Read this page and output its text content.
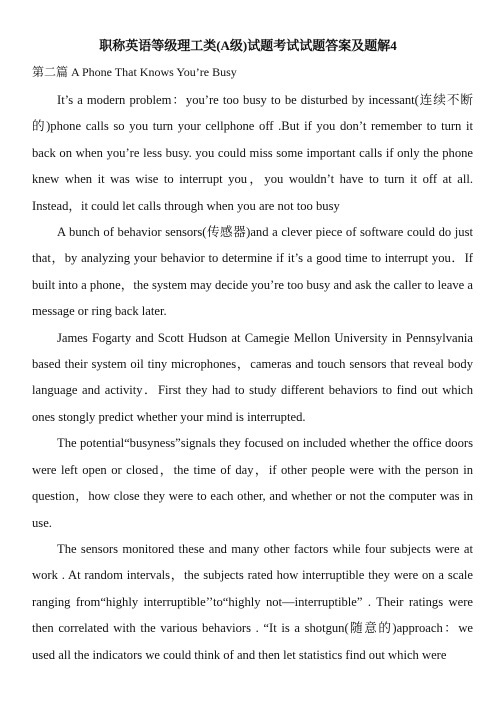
职称英语等级理工类(A级)试题考试试题答案及题解4
第二篇 A Phone That Knows You’re Busy

It’s a modern problem：you’re too busy to be disturbed by incessant(连续不断的)phone calls so you turn your cellphone off .But if you don’t remember to turn it back on when you’re less busy. you could miss some important calls if only the phone knew when it was wise to interrupt you，you wouldn’t have to turn it off at all. Instead，it could let calls through when you are not too busy

A bunch of behavior sensors(传感器)and a clever piece of software could do just that，by analyzing your behavior to determine if it’s a good time to interrupt you．If built into a phone，the system may decide you’re too busy and ask the caller to leave a message or ring back later.

James Fogarty and Scott Hudson at Camegie Mellon University in Pennsylvania based their system oil tiny microphones，cameras and touch sensors that reveal body language and activity．First they had to study different behaviors to find out which ones stongly predict whether your mind is interrupted.

The potential“busyness”signals they focused on included whether the office doors were left open or closed，the time of day，if other people were with the person in question，how close they were to each other, and whether or not the computer was in use.

The sensors monitored these and many other factors while four subjects were at work . At random intervals，the subjects rated how interruptible they were on a scale ranging from“highly interruptible’’to“highly not—interruptible” . Their ratings were then correlated with the various behaviors . “It is a shotgun(随意的)approach：we used all the indicators we could think of and then let statistics find out which were
